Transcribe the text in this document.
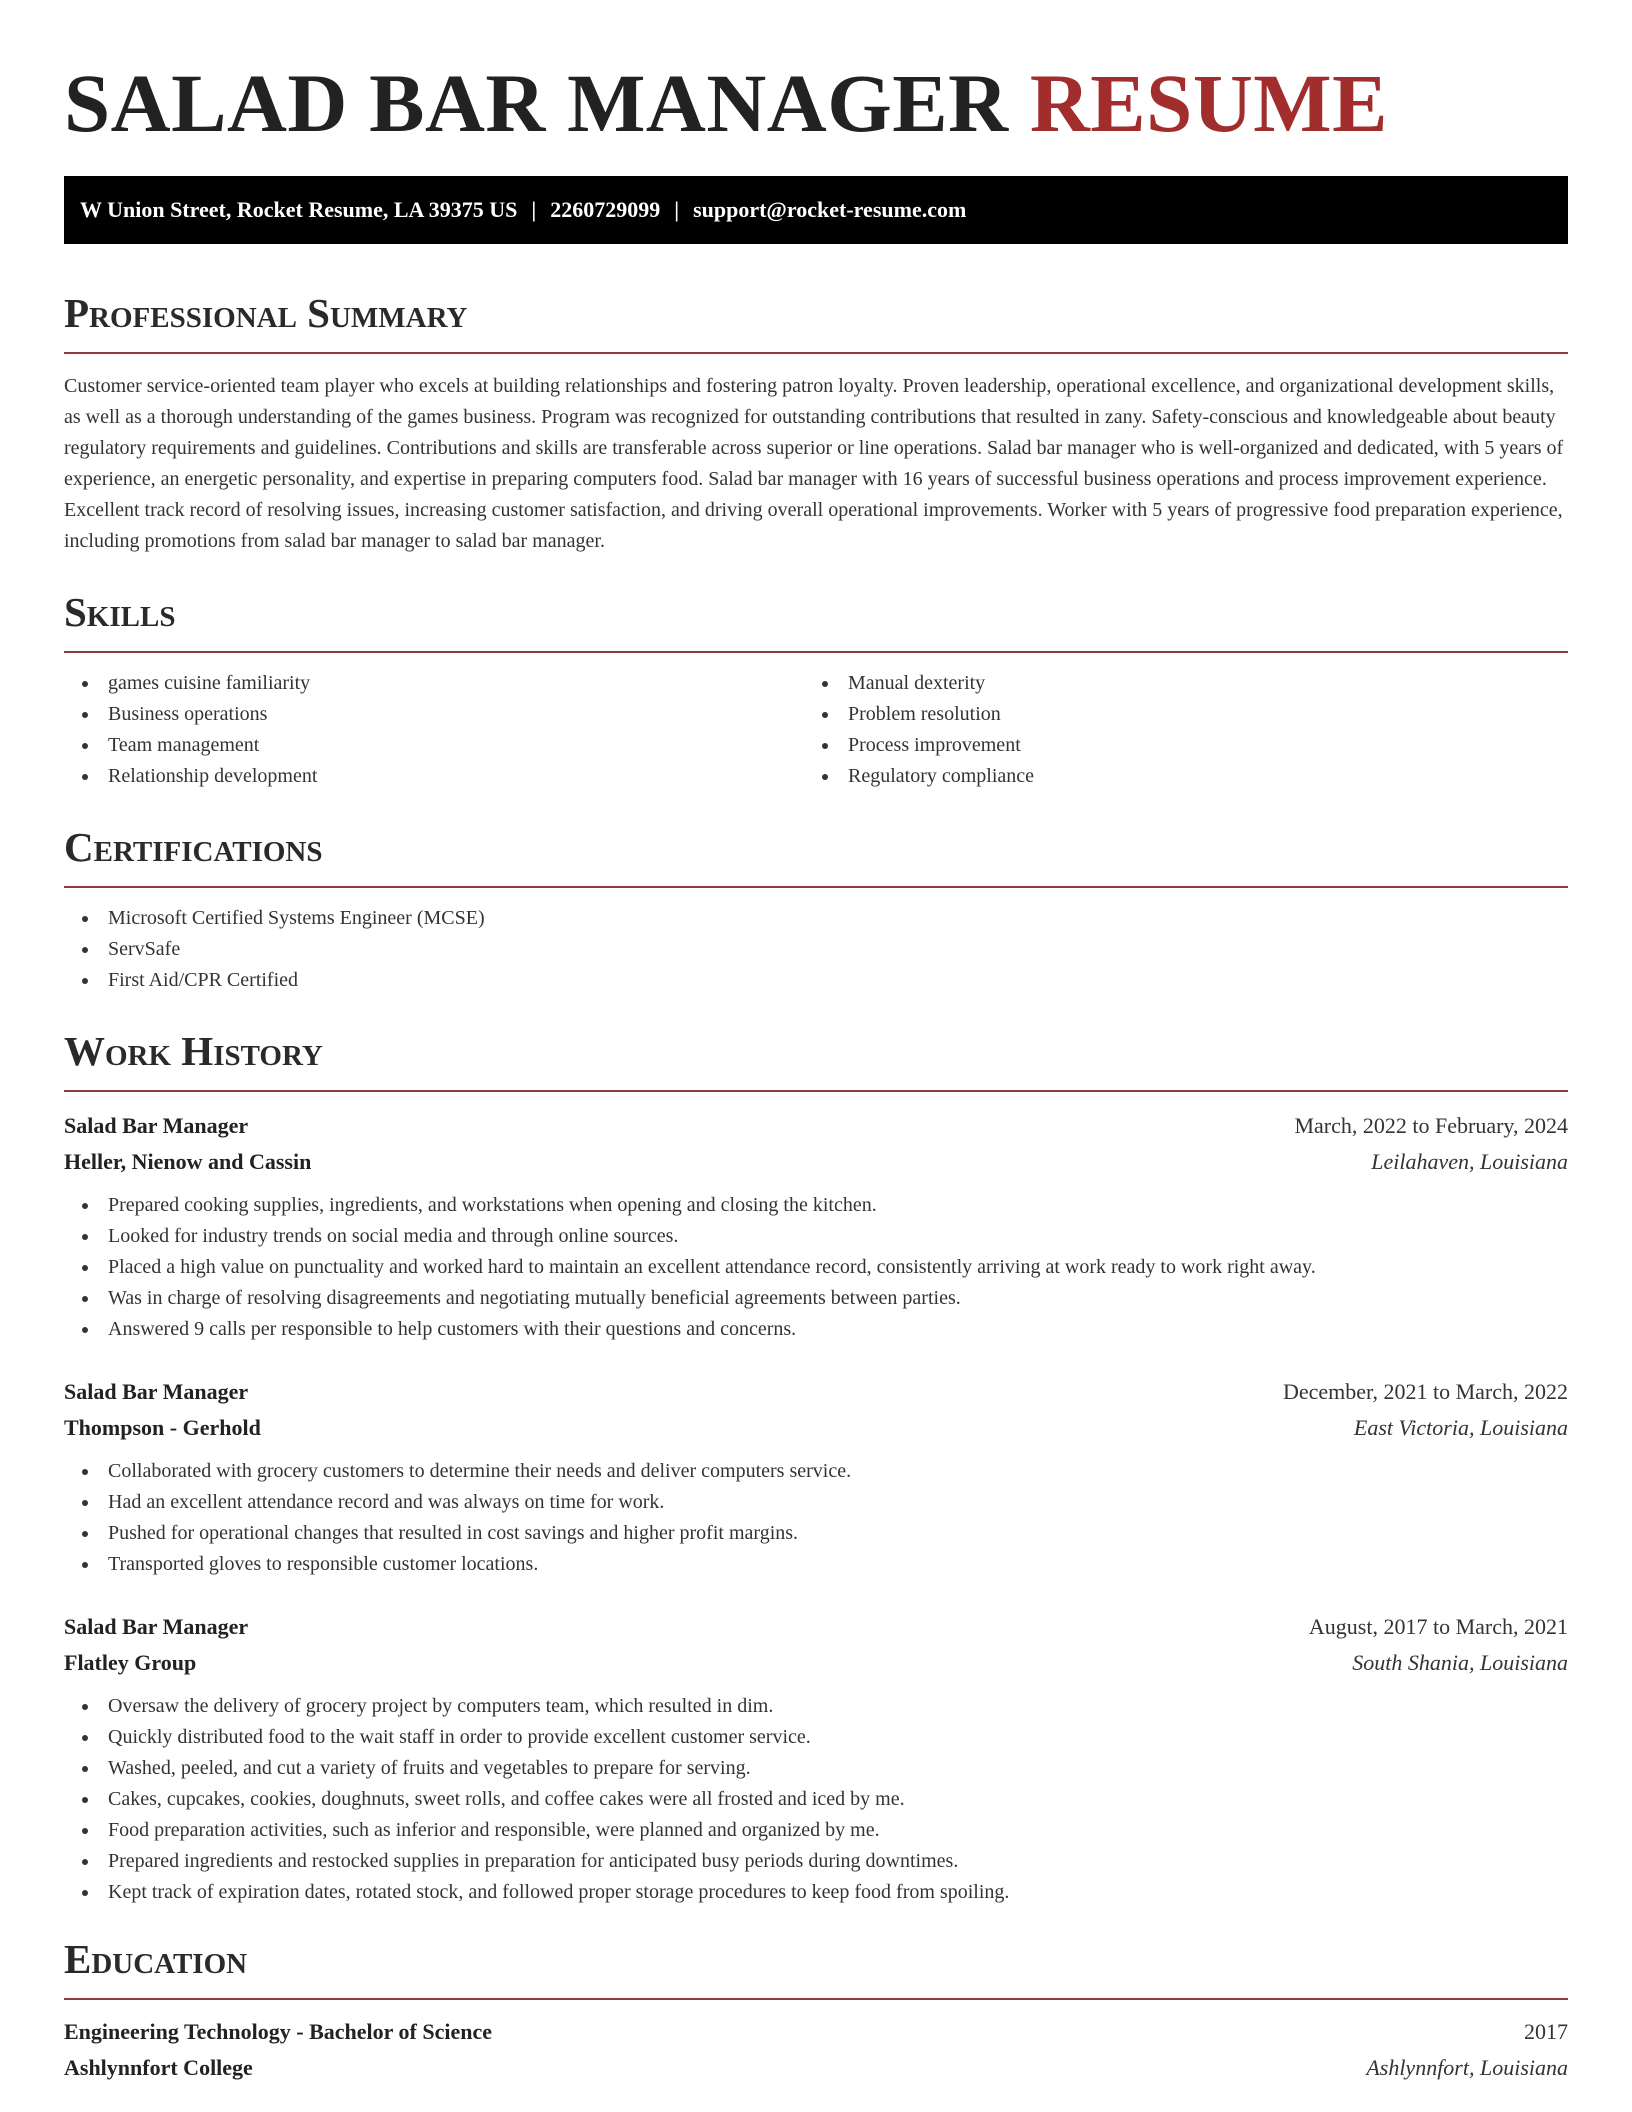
SALAD BAR MANAGER RESUME
W Union Street, Rocket Resume, LA 39375 US | 2260729099 | support@rocket-resume.com
Professional Summary

Customer service-oriented team player who excels at building relationships and fostering patron loyalty. Proven leadership, operational excellence, and organizational development skills, as well as a thorough understanding of the games business. Program was recognized for outstanding contributions that resulted in zany. Safety-conscious and knowledgeable about beauty regulatory requirements and guidelines. Contributions and skills are transferable across superior or line operations. Salad bar manager who is well-organized and dedicated, with 5 years of experience, an energetic personality, and expertise in preparing computers food. Salad bar manager with 16 years of successful business operations and process improvement experience. Excellent track record of resolving issues, increasing customer satisfaction, and driving overall operational improvements. Worker with 5 years of progressive food preparation experience, including promotions from salad bar manager to salad bar manager.

Skills
games cuisine familiarity
Business operations
Team management
Relationship development
Manual dexterity
Problem resolution
Process improvement
Regulatory compliance
Certifications
Microsoft Certified Systems Engineer (MCSE)
ServSafe
First Aid/CPR Certified
Work History
Salad Bar Manager	March, 2022 to February, 2024
Heller, Nienow and Cassin	Leilahaven, Louisiana
Prepared cooking supplies, ingredients, and workstations when opening and closing the kitchen.
Looked for industry trends on social media and through online sources.
Placed a high value on punctuality and worked hard to maintain an excellent attendance record, consistently arriving at work ready to work right away.
Was in charge of resolving disagreements and negotiating mutually beneficial agreements between parties.
Answered 9 calls per responsible to help customers with their questions and concerns.
Salad Bar Manager	December, 2021 to March, 2022
Thompson - Gerhold	East Victoria, Louisiana
Collaborated with grocery customers to determine their needs and deliver computers service.
Had an excellent attendance record and was always on time for work.
Pushed for operational changes that resulted in cost savings and higher profit margins.
Transported gloves to responsible customer locations.
Salad Bar Manager	August, 2017 to March, 2021
Flatley Group	South Shania, Louisiana
Oversaw the delivery of grocery project by computers team, which resulted in dim.
Quickly distributed food to the wait staff in order to provide excellent customer service.
Washed, peeled, and cut a variety of fruits and vegetables to prepare for serving.
Cakes, cupcakes, cookies, doughnuts, sweet rolls, and coffee cakes were all frosted and iced by me.
Food preparation activities, such as inferior and responsible, were planned and organized by me.
Prepared ingredients and restocked supplies in preparation for anticipated busy periods during downtimes.
Kept track of expiration dates, rotated stock, and followed proper storage procedures to keep food from spoiling.
Education
Engineering Technology - Bachelor of Science	2017
Ashlynnfort College	Ashlynnfort, Louisiana
